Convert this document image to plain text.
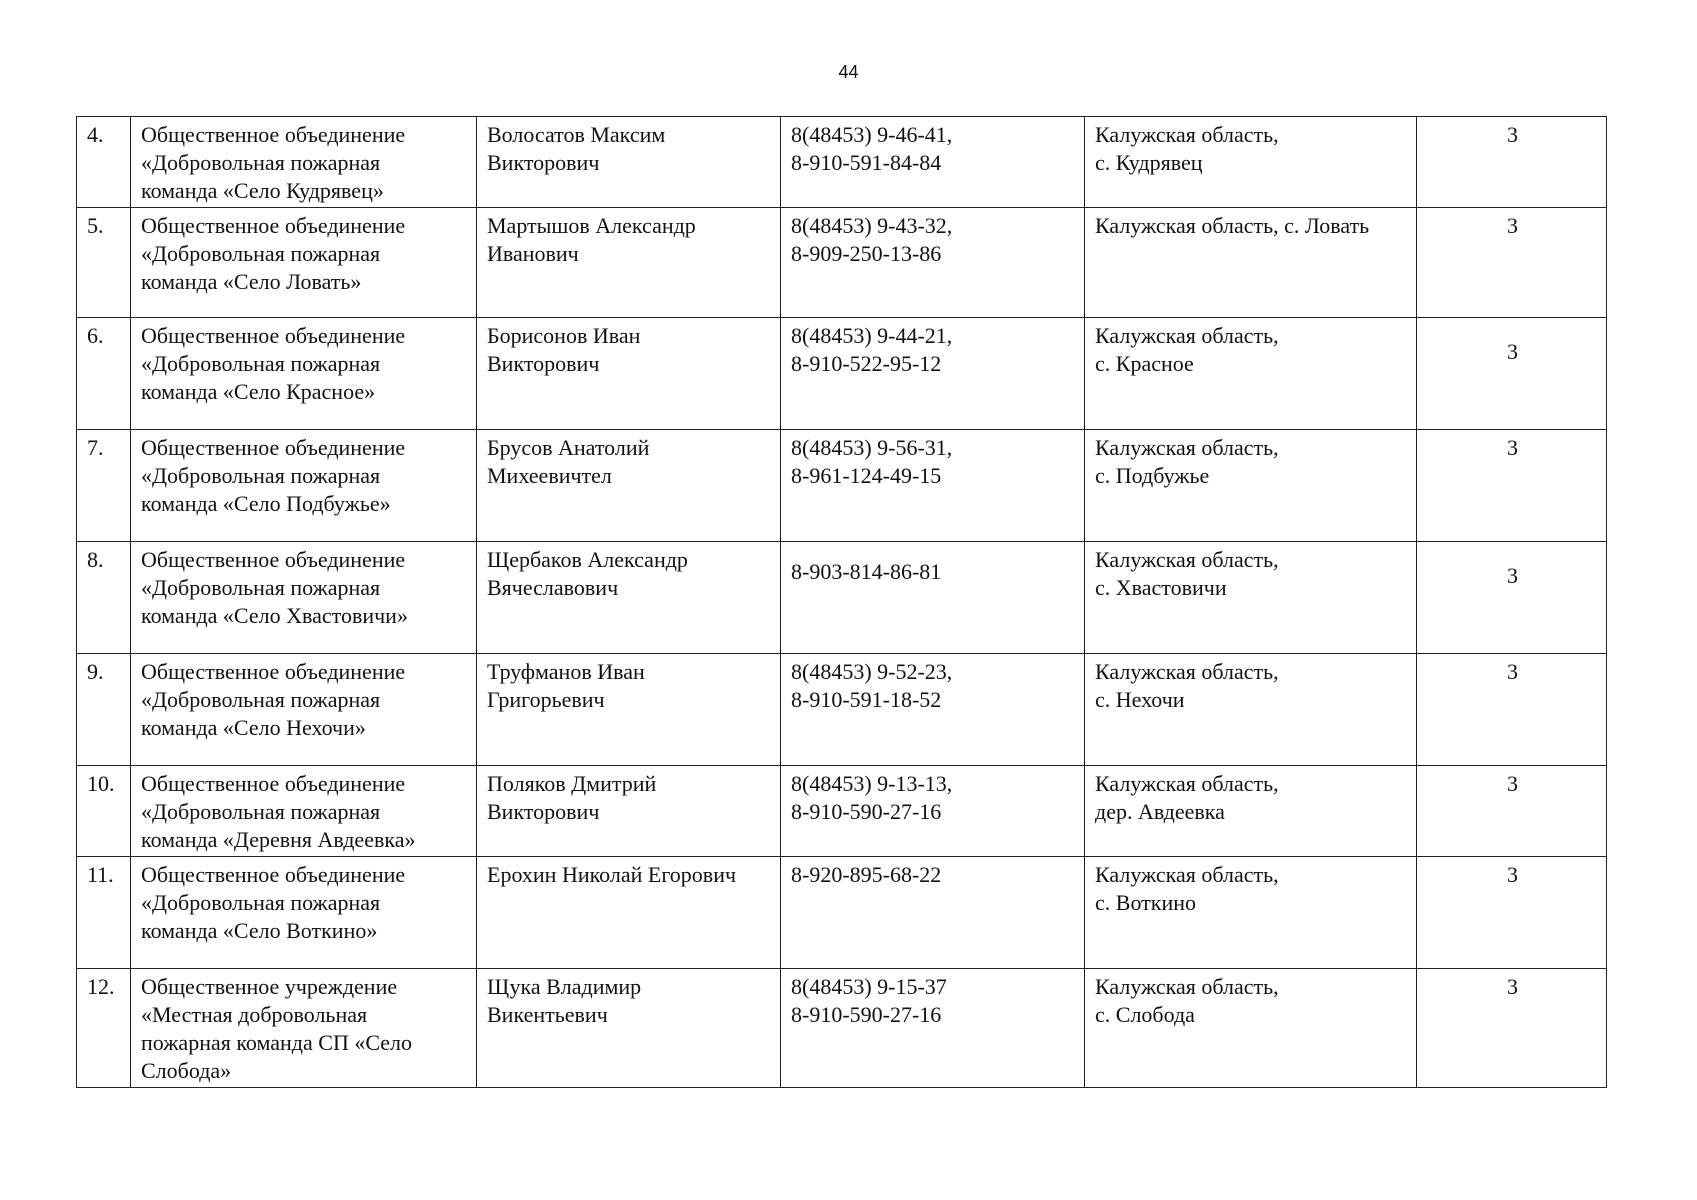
44
4.	Общественное объединение
«Добровольная пожарная
команда «Село Кудрявец»	Волосатов Максим
Викторович	8(48453) 9-46-41,
8-910-591-84-84	Калужская область,
с. Кудрявец	3
5.	Общественное объединение
«Добровольная пожарная
команда «Село Ловать»	Мартышов Александр
Иванович	8(48453) 9-43-32,
8-909-250-13-86	Калужская область, с. Ловать	3
6.	Общественное объединение
«Добровольная пожарная
команда «Село Красное»	Борисонов Иван
Викторович	8(48453) 9-44-21,
8-910-522-95-12	Калужская область,
с. Красное	3
7.	Общественное объединение
«Добровольная пожарная
команда «Село Подбужье»	Брусов Анатолий
Михеевичтел	8(48453) 9-56-31,
8-961-124-49-15	Калужская область,
с. Подбужье	3
8.	Общественное объединение
«Добровольная пожарная
команда «Село Хвастовичи»	Щербаков Александр
Вячеславович	8-903-814-86-81	Калужская область,
с. Хвастовичи	3
9.	Общественное объединение
«Добровольная пожарная
команда «Село Нехочи»	Труфманов Иван
Григорьевич	8(48453) 9-52-23,
8-910-591-18-52	Калужская область,
с. Нехочи	3
10.	Общественное объединение
«Добровольная пожарная
команда «Деревня Авдеевка»	Поляков Дмитрий
Викторович	8(48453) 9-13-13,
8-910-590-27-16	Калужская область,
дер. Авдеевка	3
11.	Общественное объединение
«Добровольная пожарная
команда «Село Воткино»	Ерохин Николай Егорович	8-920-895-68-22	Калужская область,
с. Воткино	3
12.	Общественное учреждение
«Местная добровольная
пожарная команда СП «Село
Слобода»	Щука Владимир
Викентьевич	8(48453) 9-15-37
8-910-590-27-16	Калужская область,
с. Слобода	3
